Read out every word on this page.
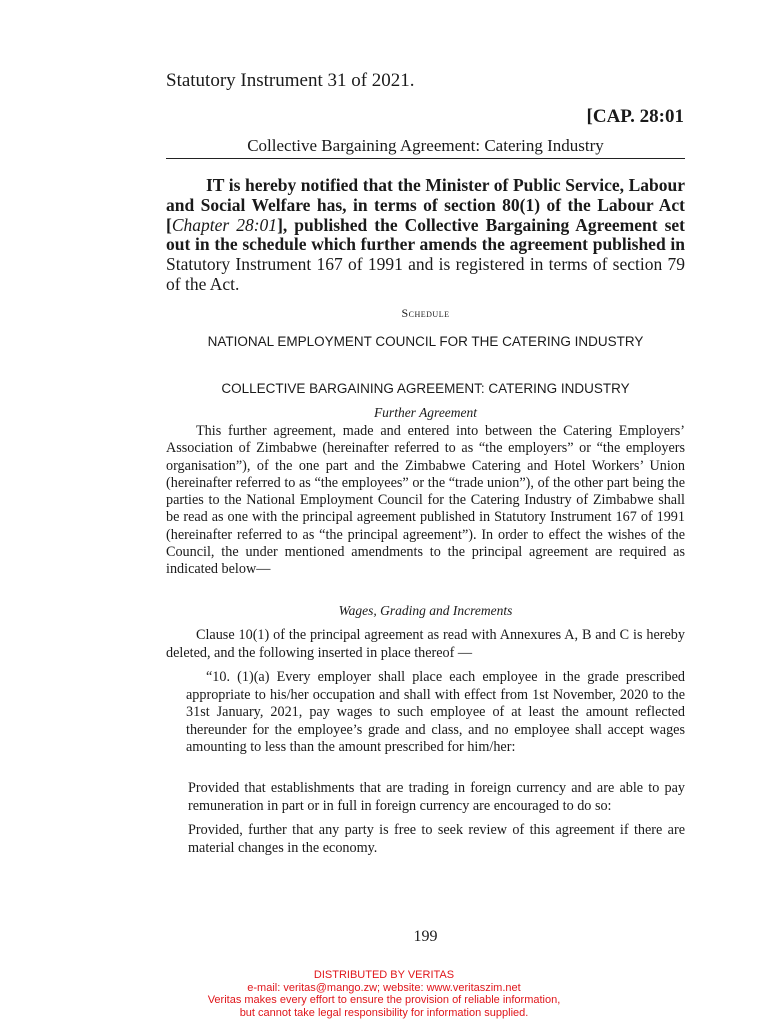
Statutory Instrument 31 of 2021.
[CAP. 28:01
Collective Bargaining Agreement: Catering Industry
IT is hereby notified that the Minister of Public Service, Labour and Social Welfare has, in terms of section 80(1) of the Labour Act [Chapter 28:01], published the Collective Bargaining Agreement set out in the schedule which further amends the agreement published in Statutory Instrument 167 of 1991 and is registered in terms of section 79 of the Act.
Schedule
NATIONAL EMPLOYMENT COUNCIL FOR THE CATERING INDUSTRY
COLLECTIVE BARGAINING AGREEMENT: CATERING INDUSTRY
Further Agreement
This further agreement, made and entered into between the Catering Employers’ Association of Zimbabwe (hereinafter referred to as “the employers” or “the employers organisation”), of the one part and the Zimbabwe Catering and Hotel Workers’ Union (hereinafter referred to as “the employees” or the “trade union”), of the other part being the parties to the National Employment Council for the Catering Industry of Zimbabwe shall be read as one with the principal agreement published in Statutory Instrument 167 of 1991 (hereinafter referred to as “the principal agreement”). In order to effect the wishes of the Council, the under mentioned amendments to the principal agreement are required as indicated below—
Wages, Grading and Increments
Clause 10(1) of the principal agreement as read with Annexures A, B and C is hereby deleted, and the following inserted in place thereof —
“10. (1)(a) Every employer shall place each employee in the grade prescribed appropriate to his/her occupation and shall with effect from 1st November, 2020 to the 31st January, 2021, pay wages to such employee of at least the amount reflected thereunder for the employee’s grade and class, and no employee shall accept wages amounting to less than the amount prescribed for him/her:
Provided that establishments that are trading in foreign currency and are able to pay remuneration in part or in full in foreign currency are encouraged to do so:
Provided, further that any party is free to seek review of this agreement if there are material changes in the economy.
199
DISTRIBUTED BY VERITAS
e-mail: veritas@mango.zw; website: www.veritaszim.net
Veritas makes every effort to ensure the provision of reliable information,
but cannot take legal responsibility for information supplied.
